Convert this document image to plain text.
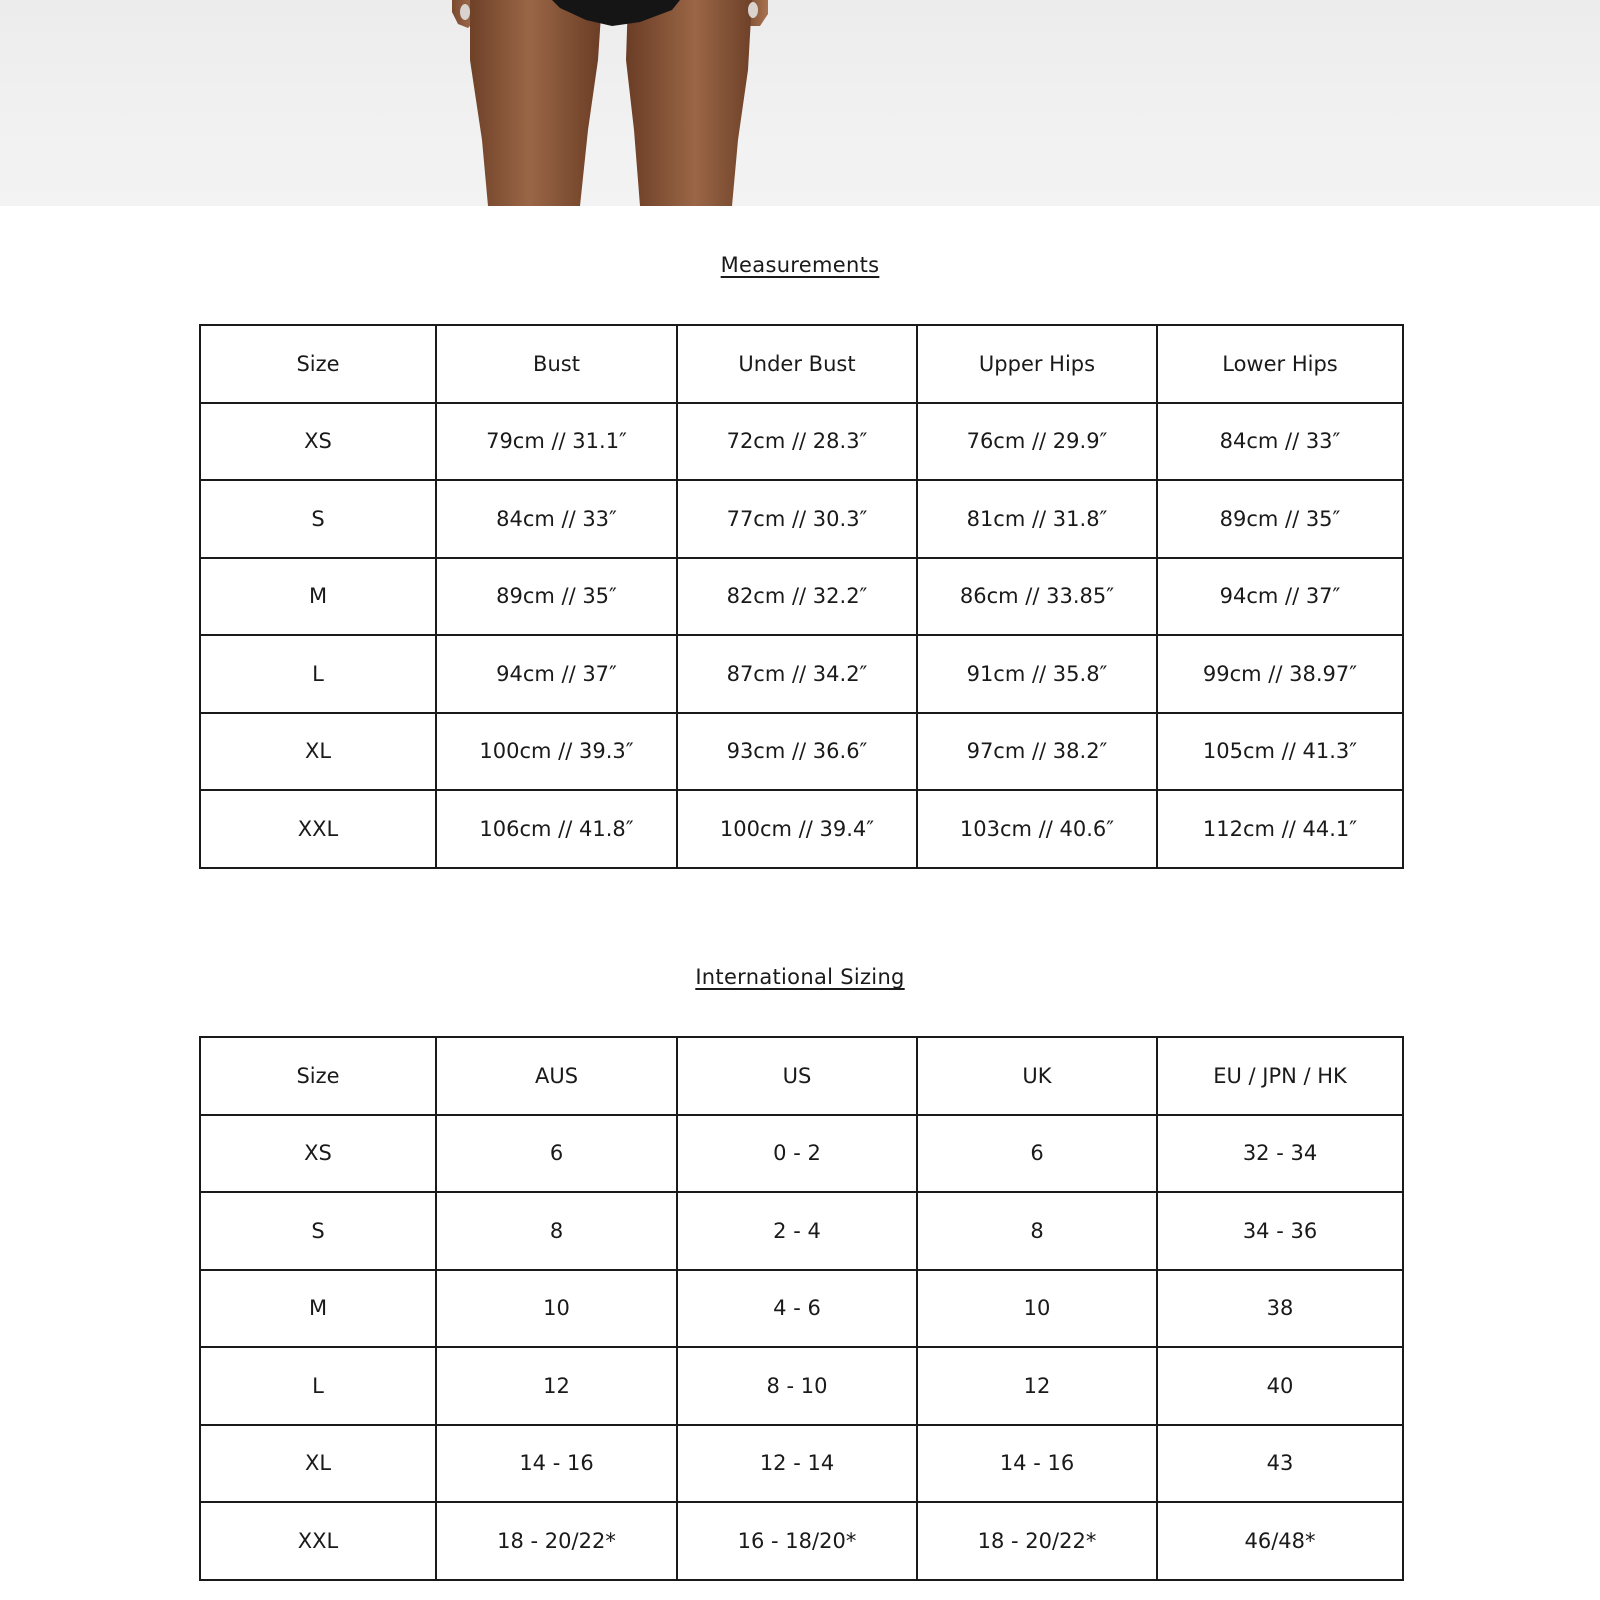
Measurements
Size	Bust	Under Bust	Upper Hips	Lower Hips
XS	79cm // 31.1″	72cm // 28.3″	76cm // 29.9″	84cm // 33″
S	84cm // 33″	77cm // 30.3″	81cm // 31.8″	89cm // 35″
M	89cm // 35″	82cm // 32.2″	86cm // 33.85″	94cm // 37″
L	94cm // 37″	87cm // 34.2″	91cm // 35.8″	99cm // 38.97″
XL	100cm // 39.3″	93cm // 36.6″	97cm // 38.2″	105cm // 41.3″
XXL	106cm // 41.8″	100cm // 39.4″	103cm // 40.6″	112cm // 44.1″
International Sizing
Size	AUS	US	UK	EU / JPN / HK
XS	6	0 - 2	6	32 - 34
S	8	2 - 4	8	34 - 36
M	10	4 - 6	10	38
L	12	8 - 10	12	40
XL	14 - 16	12 - 14	14 - 16	43
XXL	18 - 20/22*	16 - 18/20*	18 - 20/22*	46/48*
